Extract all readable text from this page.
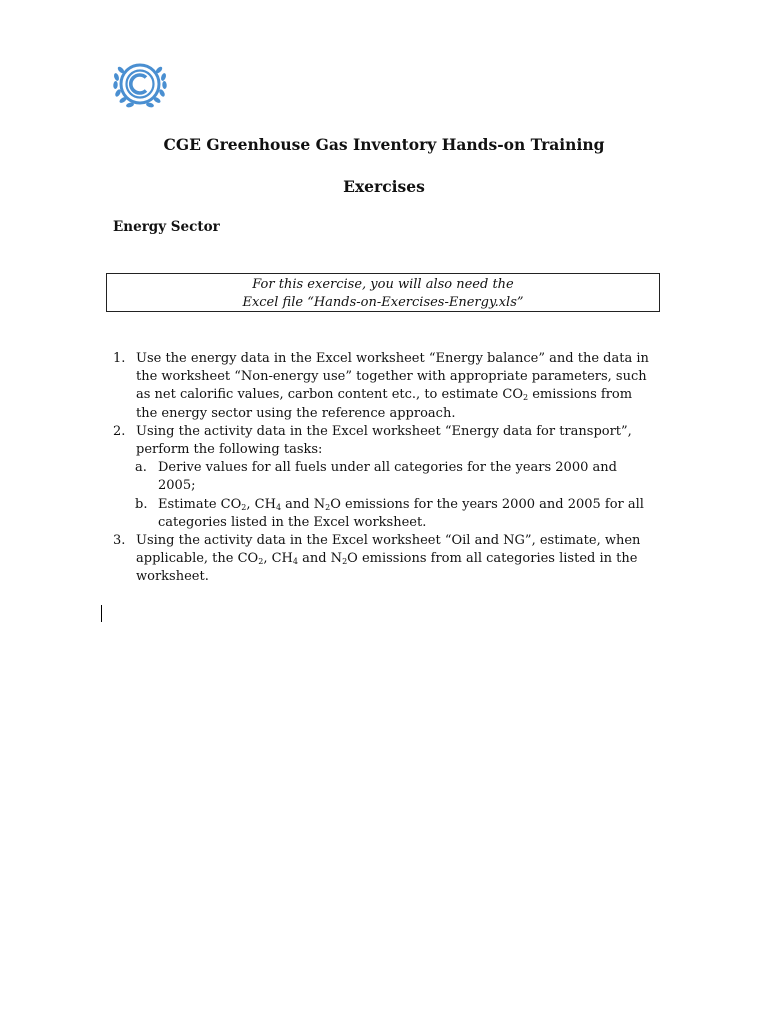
CGE Greenhouse Gas Inventory Hands-on Training
Exercises
Energy Sector
For this exercise, you will also need the
Excel file “Hands-on-Exercises-Energy.xls”
1. Use the energy data in the Excel worksheet “Energy balance” and the data in the worksheet “Non-energy use” together with appropriate parameters, such as net calorific values, carbon content etc., to estimate $CO_2$ emissions from the energy sector using the reference approach.
2. Using the activity data in the Excel worksheet “Energy data for transport”, perform the following tasks:
a. Derive values for all fuels under all categories for the years 2000 and 2005;
b. Estimate $CO_2$, $CH_4$ and $N_2O$ emissions for the years 2000 and 2005 for all categories listed in the Excel worksheet.
3. Using the activity data in the Excel worksheet “Oil and NG”, estimate, when applicable, the $CO_2$, $CH_4$ and $N_2O$ emissions from all categories listed in the worksheet.
